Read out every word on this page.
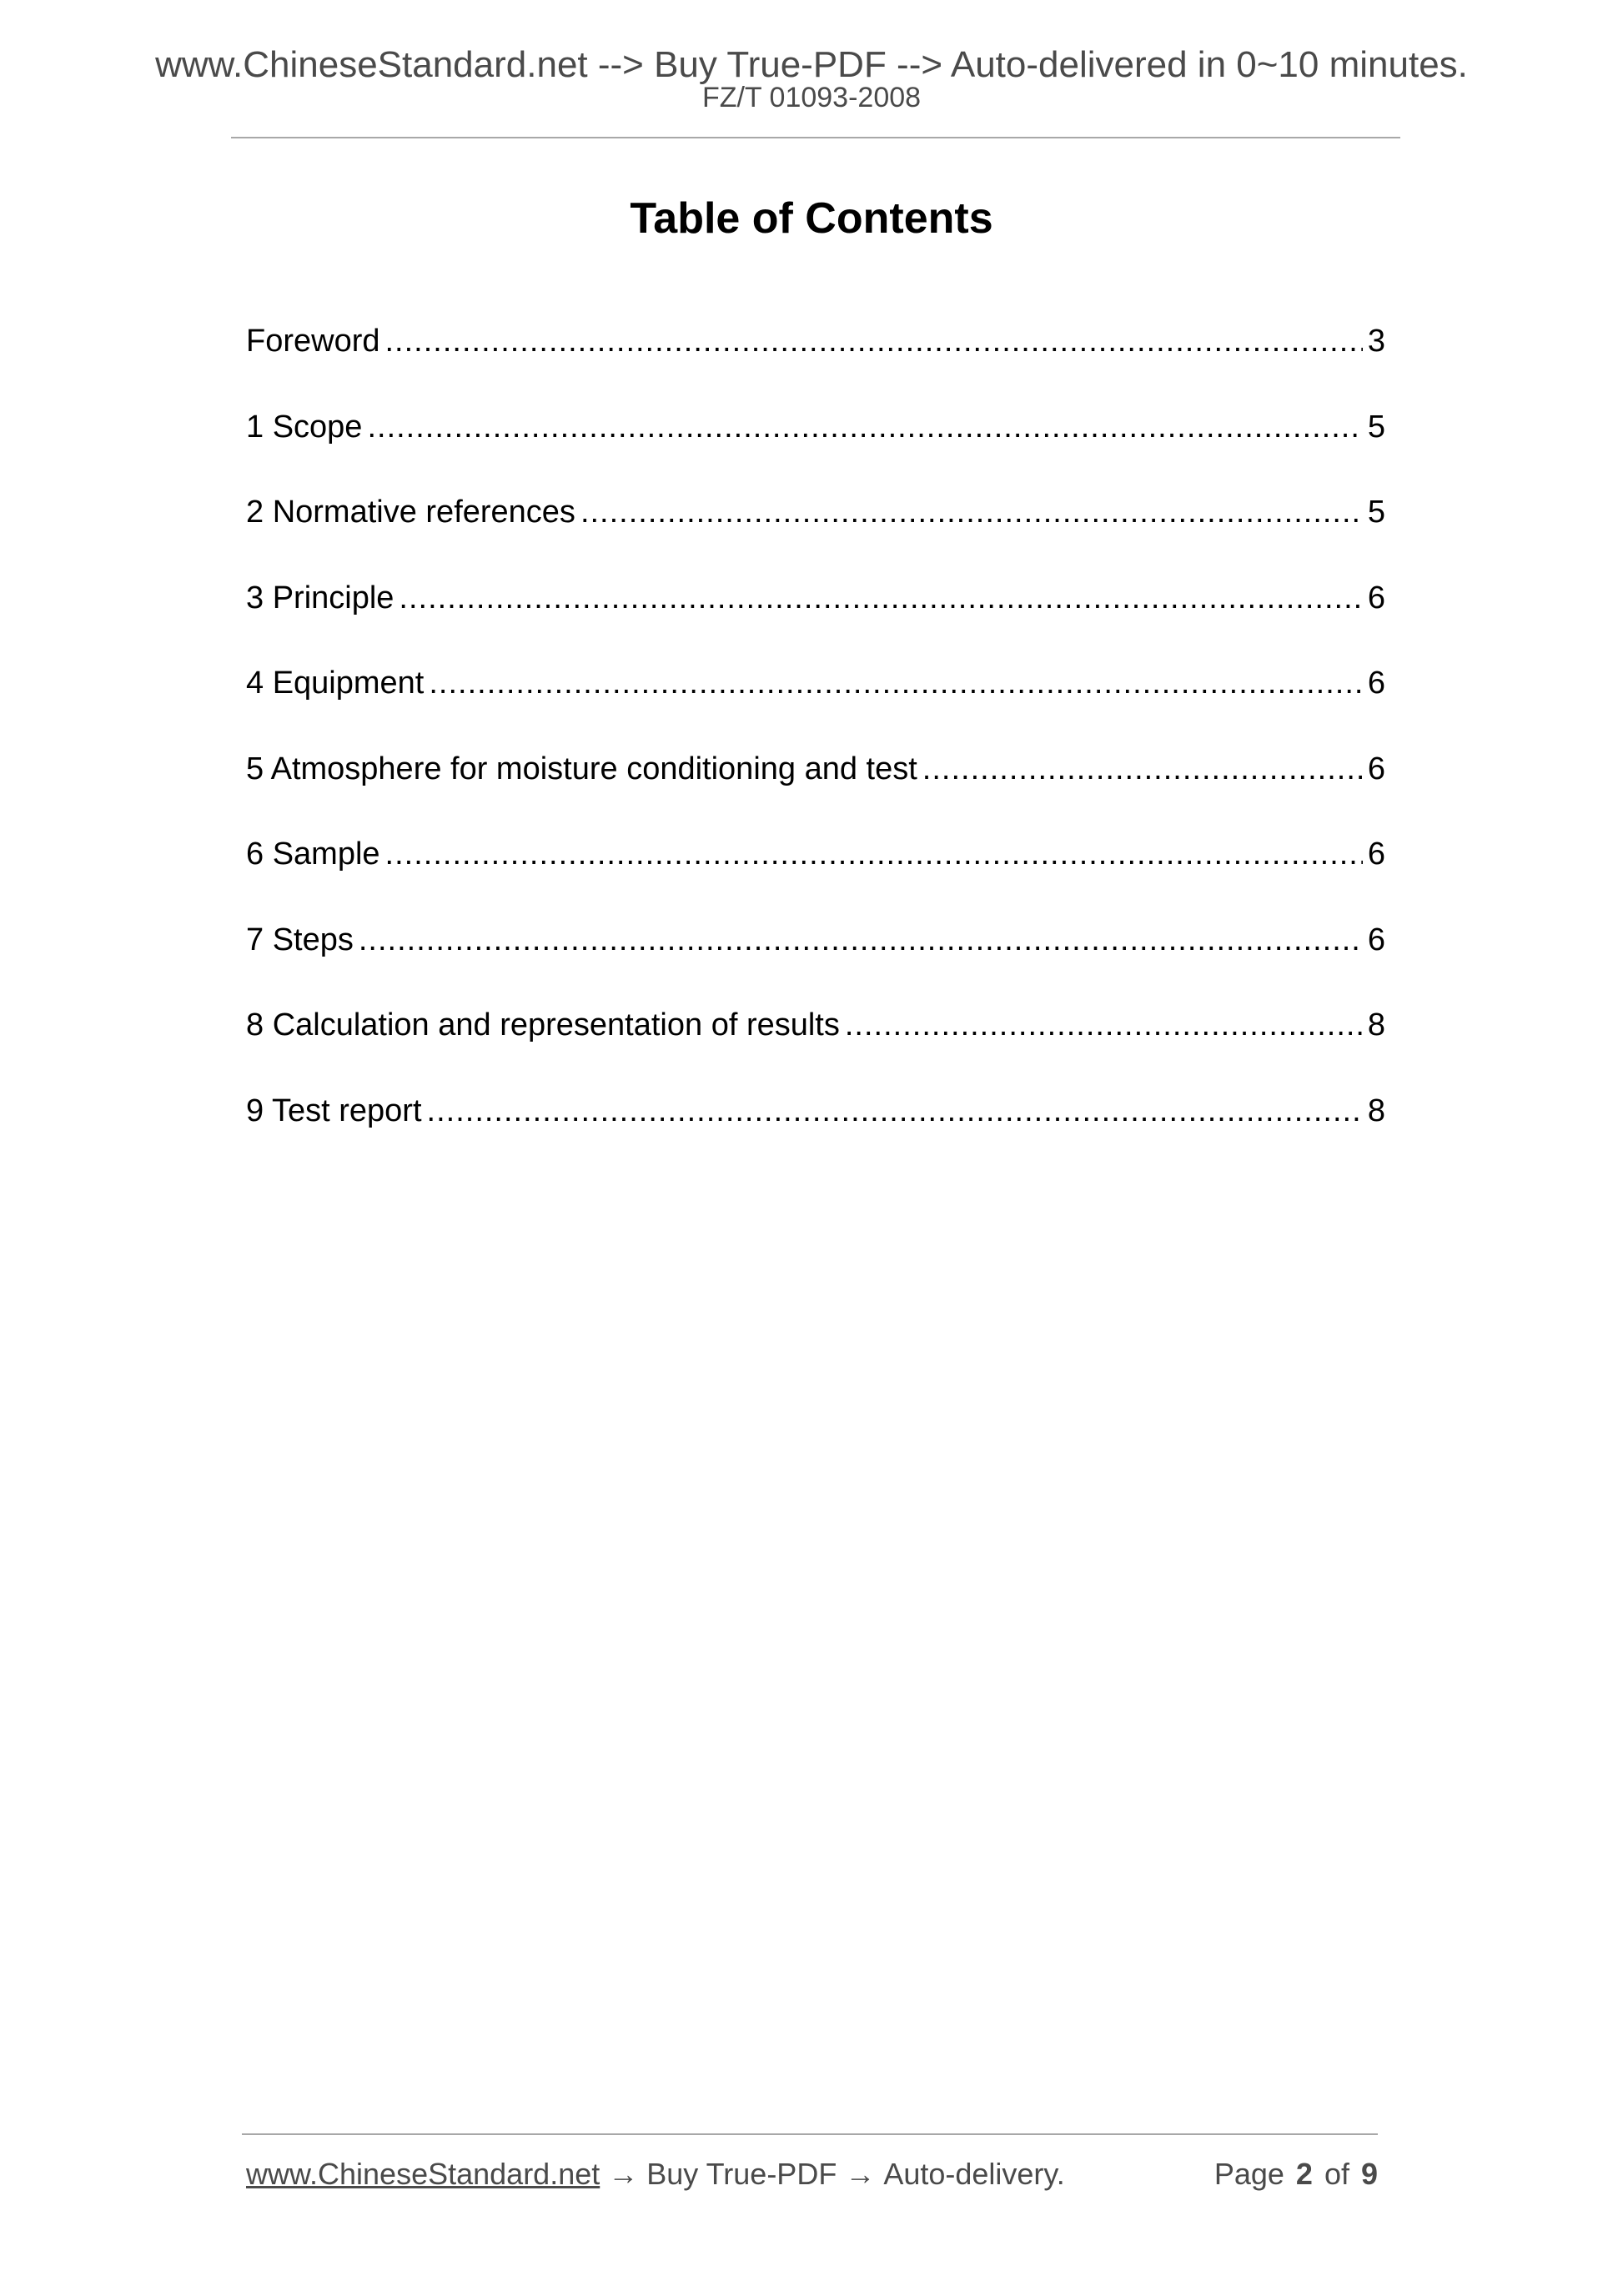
www.ChineseStandard.net --> Buy True-PDF --> Auto-delivered in 0~10 minutes.
FZ/T 01093-2008
Table of Contents
Foreword .....	3
1 Scope .....	5
2 Normative references .....	5
3 Principle .....	6
4 Equipment .....	6
5 Atmosphere for moisture conditioning and test .....	6
6 Sample .....	6
7 Steps .....	6
8 Calculation and representation of results .....	8
9 Test report .....	8
www.ChineseStandard.net → Buy True-PDF → Auto-delivery.	Page 2 of 9
